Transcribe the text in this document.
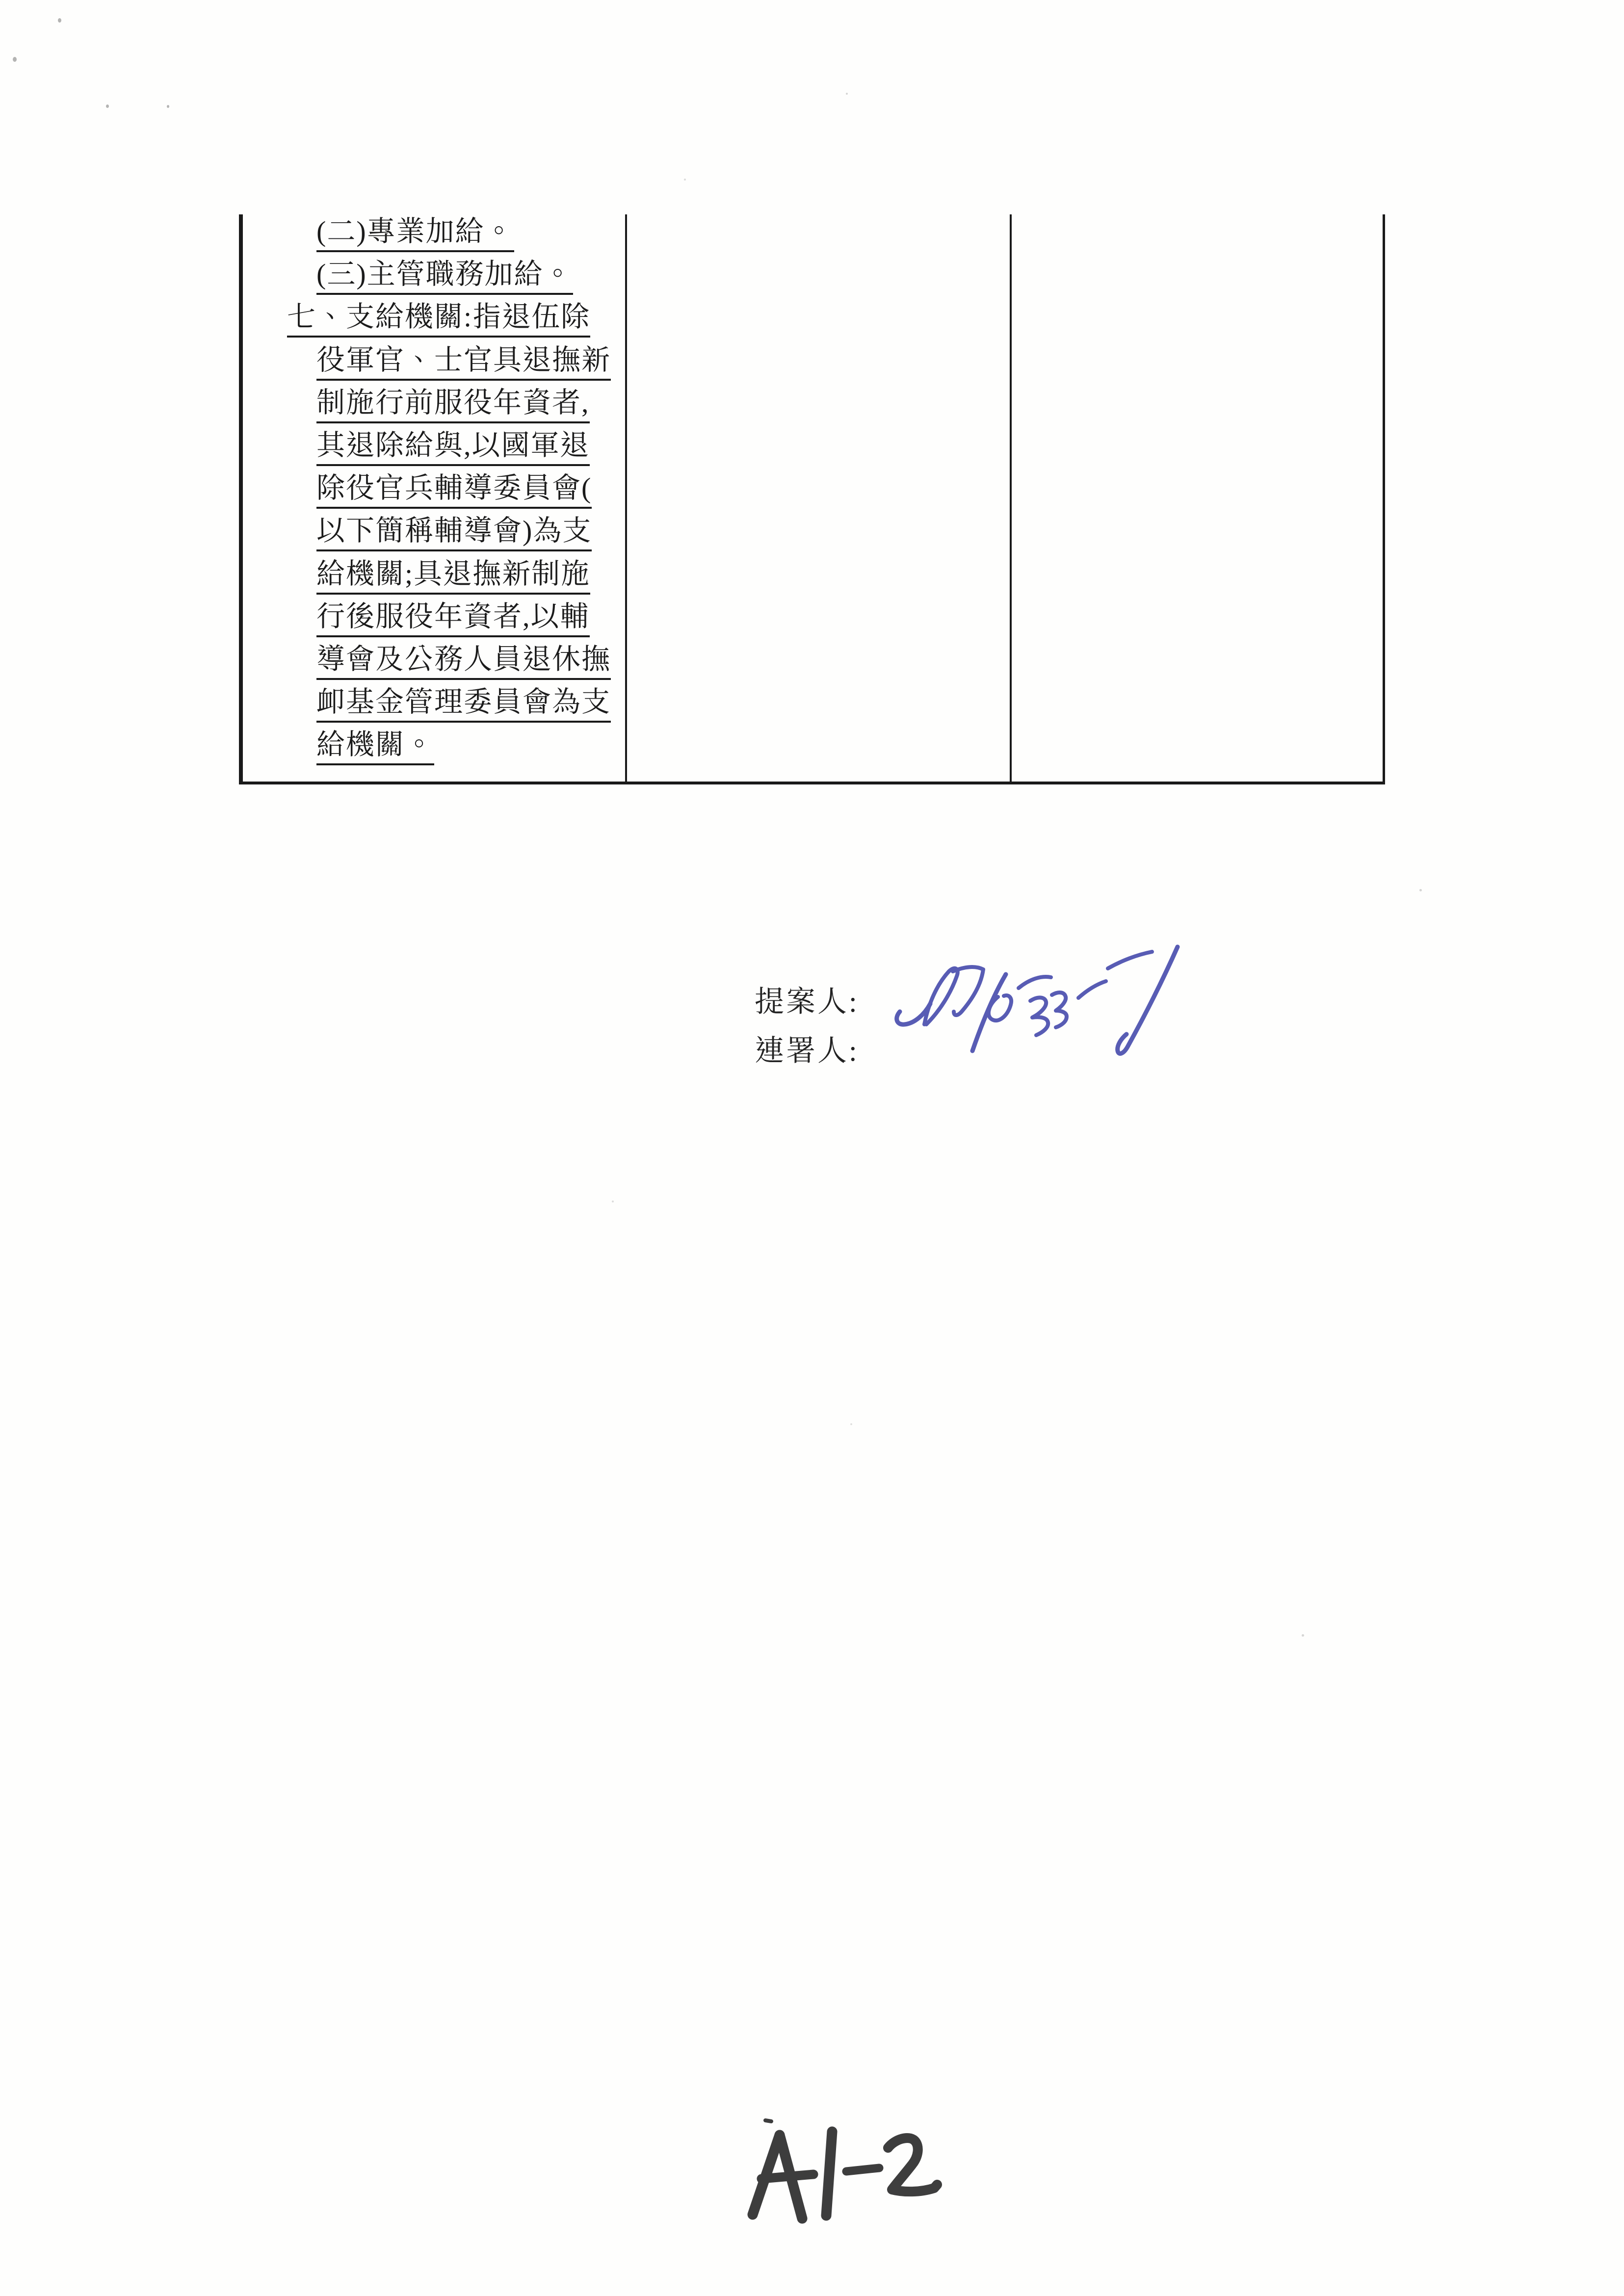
(二)專業加給。
(三)主管職務加給。
七、支給機關:指退伍除
役軍官、士官具退撫新
制施行前服役年資者,
其退除給與,以國軍退
除役官兵輔導委員會(
以下簡稱輔導會)為支
給機關;具退撫新制施
行後服役年資者,以輔
導會及公務人員退休撫
卹基金管理委員會為支
給機關。
提案人:
連署人:
